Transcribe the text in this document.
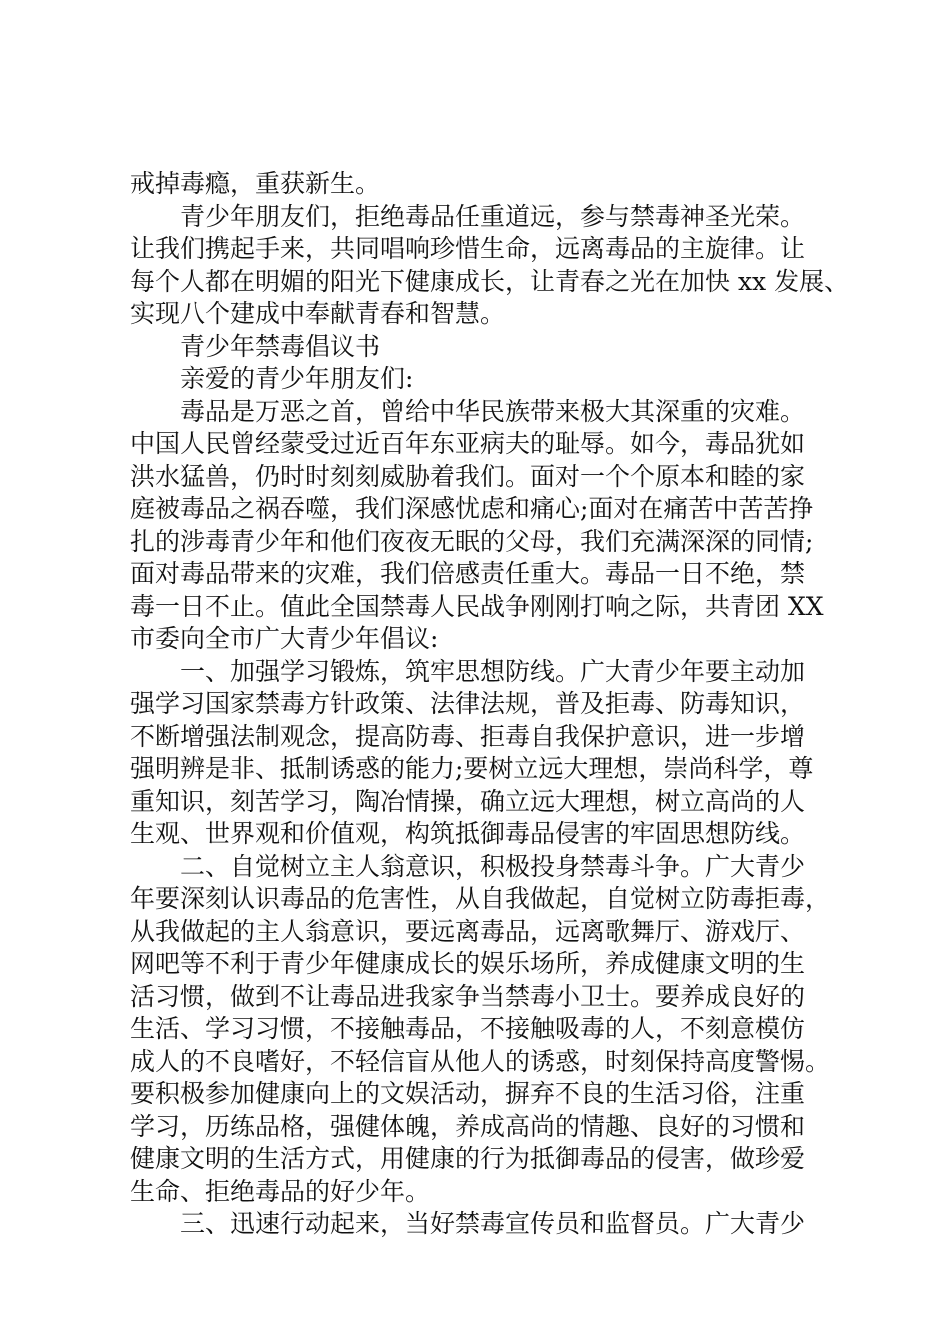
戒掉毒瘾，重获新生。
青少年朋友们，拒绝毒品任重道远，参与禁毒神圣光荣。
让我们携起手来，共同唱响珍惜生命，远离毒品的主旋律。让
每个人都在明媚的阳光下健康成长，让青春之光在加快 xx 发展、
实现八个建成中奉献青春和智慧。
青少年禁毒倡议书
亲爱的青少年朋友们:
毒品是万恶之首，曾给中华民族带来极大其深重的灾难。
中国人民曾经蒙受过近百年东亚病夫的耻辱。如今，毒品犹如
洪水猛兽，仍时时刻刻威胁着我们。面对一个个原本和睦的家
庭被毒品之祸吞噬，我们深感忧虑和痛心;面对在痛苦中苦苦挣
扎的涉毒青少年和他们夜夜无眠的父母，我们充满深深的同情;
面对毒品带来的灾难，我们倍感责任重大。毒品一日不绝，禁
毒一日不止。值此全国禁毒人民战争刚刚打响之际，共青团 XX
市委向全市广大青少年倡议:
一、加强学习锻炼，筑牢思想防线。广大青少年要主动加
强学习国家禁毒方针政策、法律法规，普及拒毒、防毒知识，
不断增强法制观念，提高防毒、拒毒自我保护意识，进一步增
强明辨是非、抵制诱惑的能力;要树立远大理想，崇尚科学，尊
重知识，刻苦学习，陶冶情操，确立远大理想，树立高尚的人
生观、世界观和价值观，构筑抵御毒品侵害的牢固思想防线。
二、自觉树立主人翁意识，积极投身禁毒斗争。广大青少
年要深刻认识毒品的危害性，从自我做起，自觉树立防毒拒毒，
从我做起的主人翁意识，要远离毒品，远离歌舞厅、游戏厅、
网吧等不利于青少年健康成长的娱乐场所，养成健康文明的生
活习惯，做到不让毒品进我家争当禁毒小卫士。要养成良好的
生活、学习习惯，不接触毒品，不接触吸毒的人，不刻意模仿
成人的不良嗜好，不轻信盲从他人的诱惑，时刻保持高度警惕。
要积极参加健康向上的文娱活动，摒弃不良的生活习俗，注重
学习，历练品格，强健体魄，养成高尚的情趣、良好的习惯和
健康文明的生活方式，用健康的行为抵御毒品的侵害，做珍爱
生命、拒绝毒品的好少年。
三、迅速行动起来，当好禁毒宣传员和监督员。广大青少
